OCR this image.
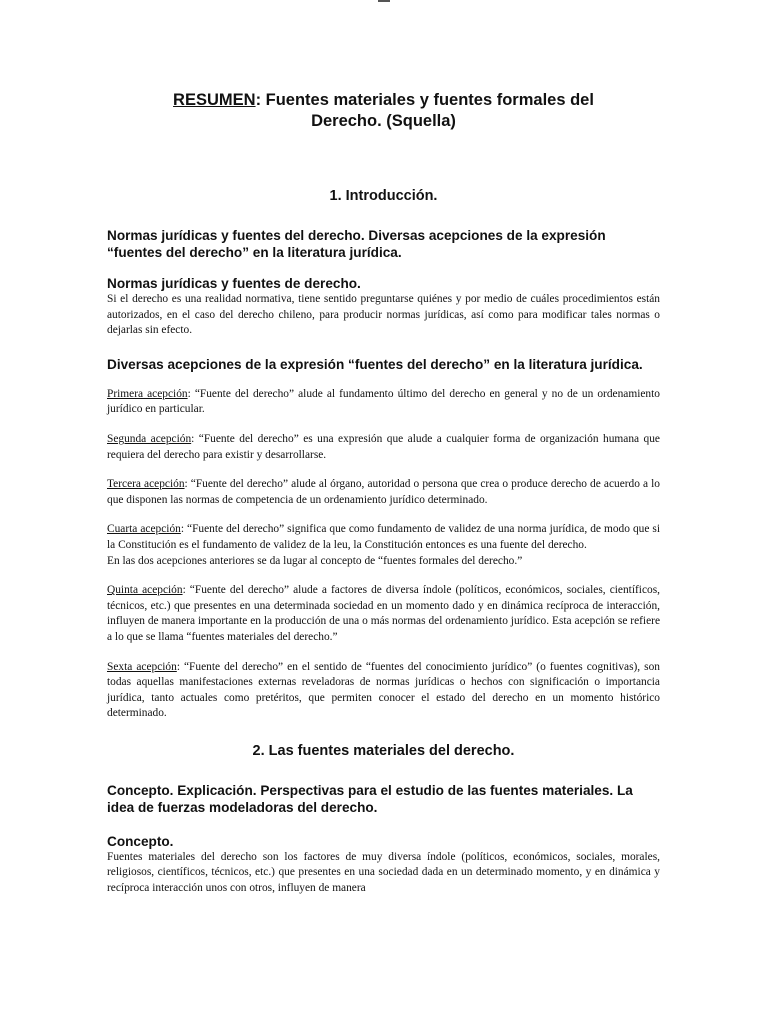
RESUMEN: Fuentes materiales y fuentes formales del
Derecho. (Squella)
1. Introducción.
Normas jurídicas y fuentes del derecho. Diversas acepciones de la expresión “fuentes del derecho” en la literatura jurídica.
Normas jurídicas y fuentes de derecho.
Si el derecho es una realidad normativa, tiene sentido preguntarse quiénes y por medio de cuáles procedimientos están autorizados, en el caso del derecho chileno, para producir normas jurídicas, así como para modificar tales normas o dejarlas sin efecto.
Diversas acepciones de la expresión “fuentes del derecho” en la literatura jurídica.
Primera acepción: “Fuente del derecho” alude al fundamento último del derecho en general y no de un ordenamiento jurídico en particular.
Segunda acepción: “Fuente del derecho” es una expresión que alude a cualquier forma de organización humana que requiera del derecho para existir y desarrollarse.
Tercera acepción: “Fuente del derecho” alude al órgano, autoridad o persona que crea o produce derecho de acuerdo a lo que disponen las normas de competencia de un ordenamiento jurídico determinado.
Cuarta acepción: “Fuente del derecho” significa que como fundamento de validez de una norma jurídica, de modo que si la Constitución es el fundamento de validez de la leu, la Constitución entonces es una fuente del derecho.
En las dos acepciones anteriores se da lugar al concepto de “fuentes formales del derecho.”
Quinta acepción: “Fuente del derecho” alude a factores de diversa índole (políticos, económicos, sociales, científicos, técnicos, etc.) que presentes en una determinada sociedad en un momento dado y en dinámica recíproca de interacción, influyen de manera importante en la producción de una o más normas del ordenamiento jurídico. Esta acepción se refiere a lo que se llama “fuentes materiales del derecho.”
Sexta acepción: “Fuente del derecho” en el sentido de “fuentes del conocimiento jurídico” (o fuentes cognitivas), son todas aquellas manifestaciones externas reveladoras de normas jurídicas o hechos con significación o importancia jurídica, tanto actuales como pretéritos, que permiten conocer el estado del derecho en un momento histórico determinado.
2. Las fuentes materiales del derecho.
Concepto. Explicación. Perspectivas para el estudio de las fuentes materiales. La idea de fuerzas modeladoras del derecho.
Concepto.
Fuentes materiales del derecho son los factores de muy diversa índole (políticos, económicos, sociales, morales, religiosos, científicos, técnicos, etc.) que presentes en una sociedad dada en un determinado momento, y en dinámica y recíproca interacción unos con otros, influyen de manera
